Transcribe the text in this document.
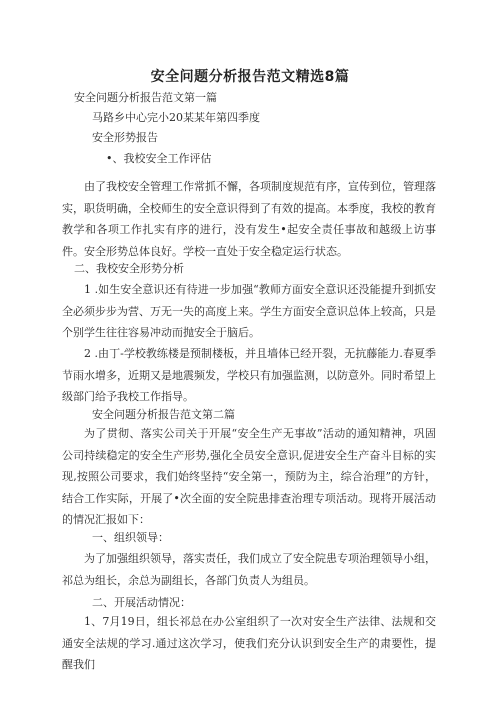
安全问题分析报告范文精选8篇
安全问题分析报告范文第一篇
马路乡中心完小20某某年第四季度
安全形势报告
•、我校安全工作评估
由了我校安全管理工作常抓不懈，各项制度规范有序，宣传到位，管理落实，职货明确，全校师生的安全意识得到了有效的提高。本季度，我校的教育教学和各项工作扎实有序的进行，没有发生•起安全责任事故和越级上访事件。安全形势总体良好。学校一直处于安全稳定运行状态。
二、我校安全形势分析
1 .如生安全意识还有待进一步加强“教师方面安全意识还没能提升到抓安全必须步步为营、万无一失的高度上来。学生方面安全意识总体上较高，只是个别学生往往容易冲动而抛安全于脑后。
2 .由丁-学校教练楼是预制楼板，并且墙体已经开裂，无抗藤能力.春夏季节雨水增多，近期又是地震频发，学校只有加强监测，以防意外。同时希望上级部门给予我校工作指导。
安全问题分析报告范文第二篇
为了贯彻、落实公司关于开展“安全生产无事故”活动的通知精神，巩固公司持续稳定的安全生产形势,强化全员安全意识,促进安全生产奋斗目标的实现,按照公司要求，我们始终坚持“安全第一，预防为主，综合治理”的方针，结合工作实际，开展了•次全面的安全院患排查治理专项活动。现将开展活动的情况汇报如下：
一、组织领导：
为了加强组织领导，落实责任，我们成立了安全院患专项治理领导小组，祁总为组长，余总为副组长，各部门负责人为组员。
二、开展活动情况：
1、7月19日，组长祁总在办公室组织了一次对安全生产法律、法规和交通安全法规的学习.通过这次学习，使我们充分认识到安全生产的肃要性，提醒我们
